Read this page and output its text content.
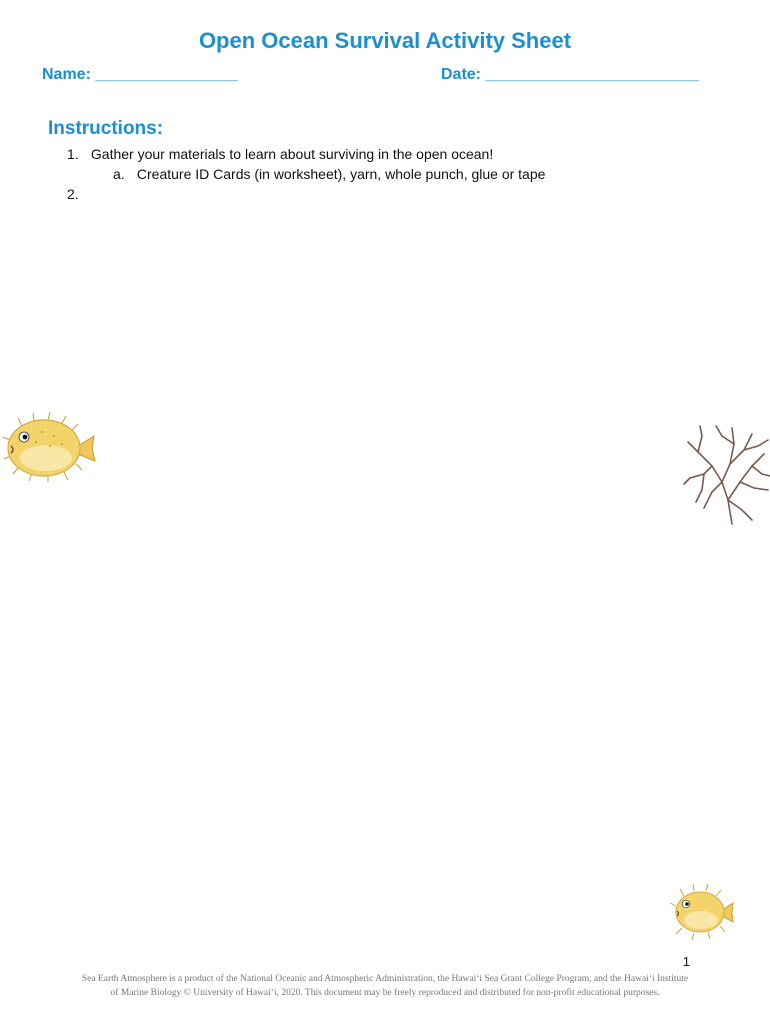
Open Ocean Survival Activity Sheet
Name: ________________	Date: ________________________
Instructions:
1. Gather your materials to learn about surviving in the open ocean!
a. Creature ID Cards (in worksheet), yarn, whole punch, glue or tape
2.
1
Sea Earth Atmosphere is a product of the National Oceanic and Atmospheric Administration, the Hawai‘i Sea Grant College Program, and the Hawai‘i Institute
of Marine Biology © University of Hawai‘i, 2020. This document may be freely reproduced and distributed for non-profit educational purposes.
